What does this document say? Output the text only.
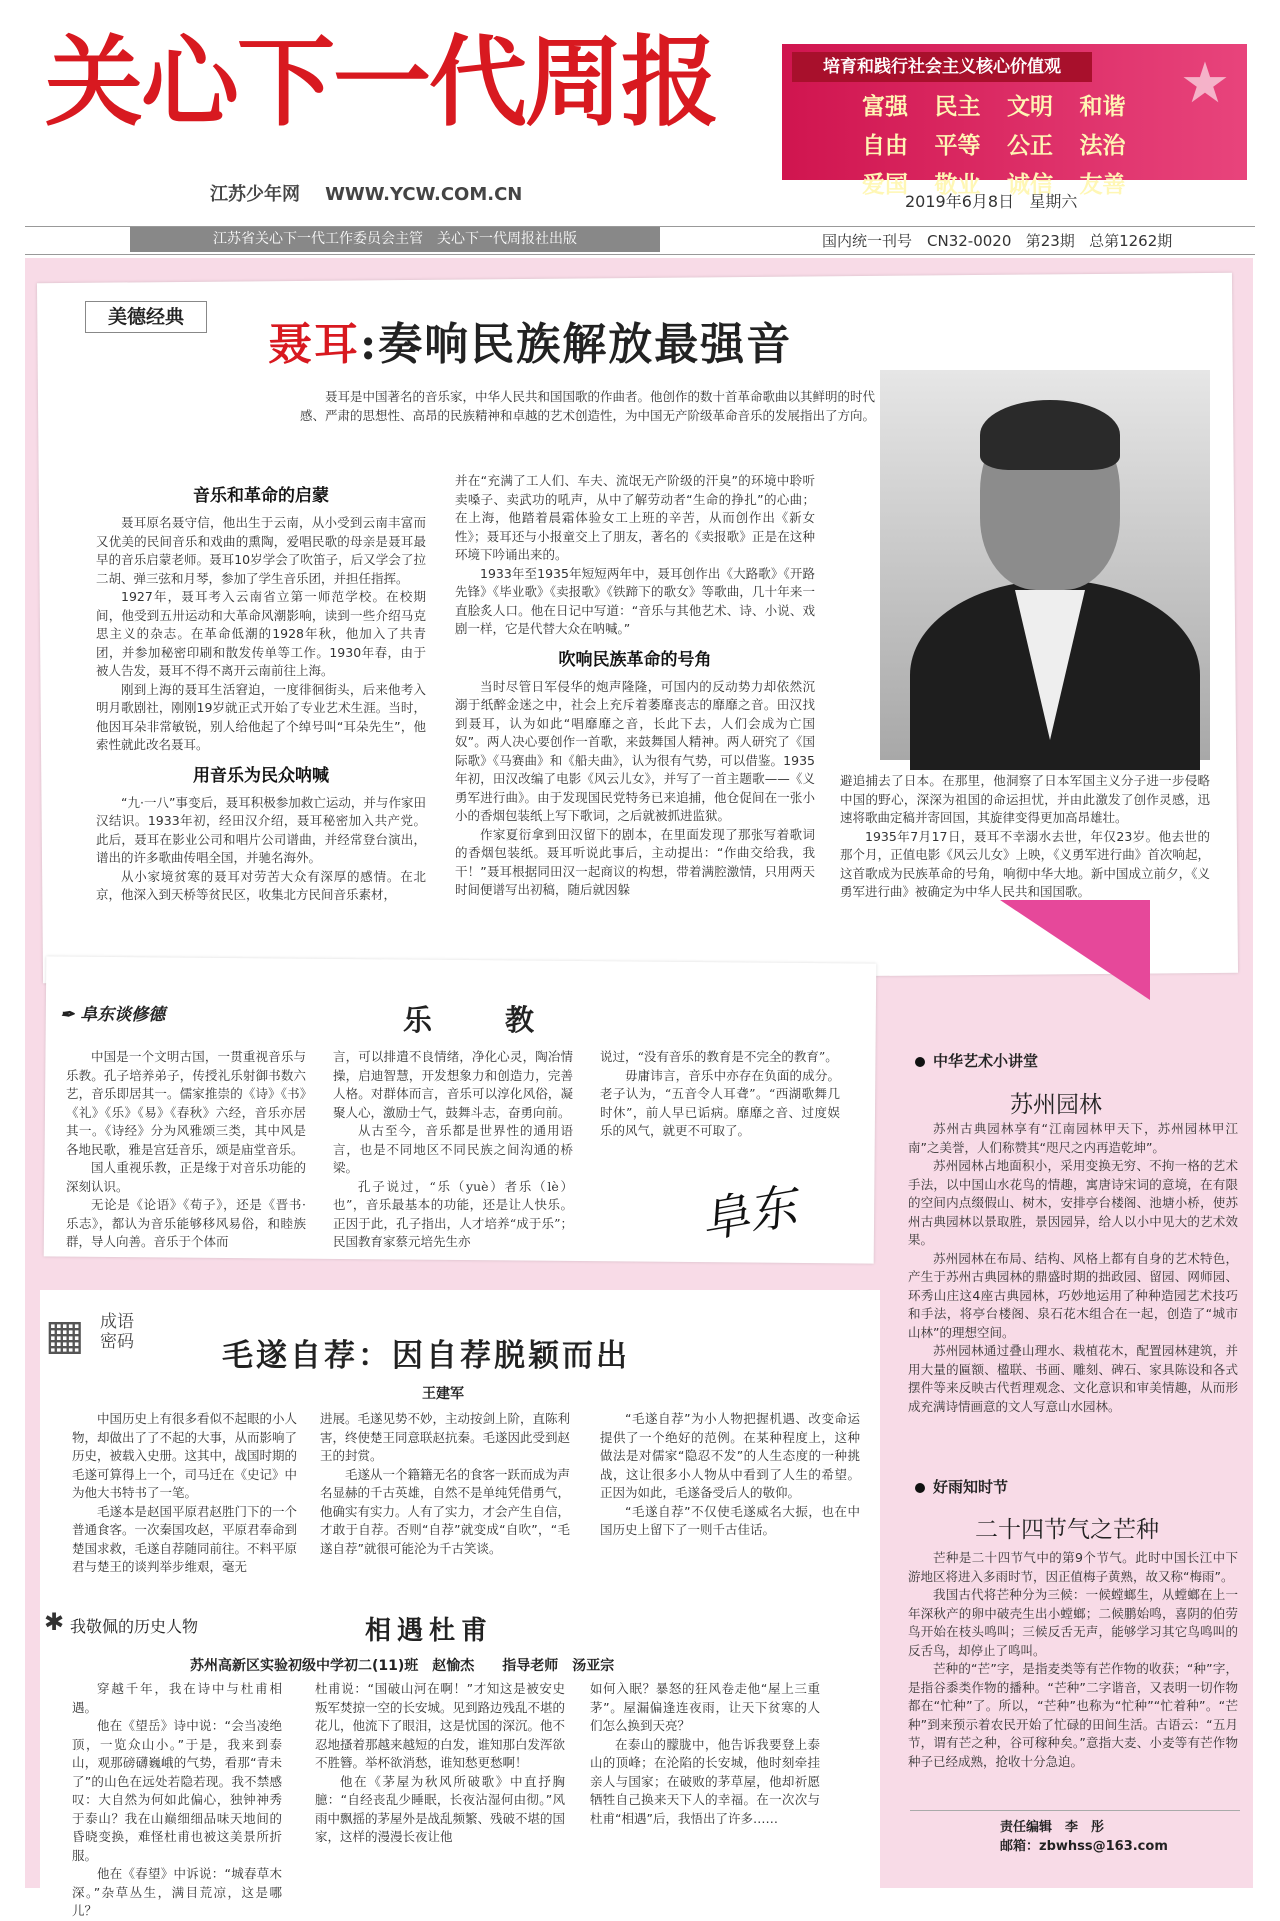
关心下一代周报
江苏少年网 WWW.YCW.COM.CN
培育和践行社会主义核心价值观	★
富强	民主	文明	和谐
自由	平等	公正	法治
爱国	敬业	诚信	友善
2019年6月8日 星期六
江苏省关心下一代工作委员会主管　关心下一代周报社出版	国内统一刊号　CN32-0020 第23期 总第1262期
美德经典
聂耳:奏响民族解放最强音

聂耳是中国著名的音乐家，中华人民共和国国歌的作曲者。他创作的数十首革命歌曲以其鲜明的时代感、严肃的思想性、高昂的民族精神和卓越的艺术创造性，为中国无产阶级革命音乐的发展指出了方向。

音乐和革命的启蒙

聂耳原名聂守信，他出生于云南，从小受到云南丰富而又优美的民间音乐和戏曲的熏陶，爱唱民歌的母亲是聂耳最早的音乐启蒙老师。聂耳10岁学会了吹笛子，后又学会了拉二胡、弹三弦和月琴，参加了学生音乐团，并担任指挥。

1927年，聂耳考入云南省立第一师范学校。在校期间，他受到五卅运动和大革命风潮影响，读到一些介绍马克思主义的杂志。在革命低潮的1928年秋，他加入了共青团，并参加秘密印刷和散发传单等工作。1930年春，由于被人告发，聂耳不得不离开云南前往上海。

刚到上海的聂耳生活窘迫，一度徘徊街头，后来他考入明月歌剧社，刚刚19岁就正式开始了专业艺术生涯。当时，他因耳朵非常敏锐，别人给他起了个绰号叫“耳朵先生”，他索性就此改名聂耳。

用音乐为民众呐喊

“九·一八”事变后，聂耳积极参加救亡运动，并与作家田汉结识。1933年初，经田汉介绍，聂耳秘密加入共产党。此后，聂耳在影业公司和唱片公司谱曲，并经常登台演出，谱出的许多歌曲传唱全国，并驰名海外。

从小家境贫寒的聂耳对劳苦大众有深厚的感情。在北京，他深入到天桥等贫民区，收集北方民间音乐素材，

并在“充满了工人们、车夫、流氓无产阶级的汗臭”的环境中聆听卖嗓子、卖武功的吼声，从中了解劳动者“生命的挣扎”的心曲；在上海，他踏着晨霜体验女工上班的辛苦，从而创作出《新女性》；聂耳还与小报童交上了朋友，著名的《卖报歌》正是在这种环境下吟诵出来的。

1933年至1935年短短两年中，聂耳创作出《大路歌》《开路先锋》《毕业歌》《卖报歌》《铁蹄下的歌女》等歌曲，几十年来一直脍炙人口。他在日记中写道：“音乐与其他艺术、诗、小说、戏剧一样，它是代替大众在呐喊。”

吹响民族革命的号角

当时尽管日军侵华的炮声隆隆，可国内的反动势力却依然沉溺于纸醉金迷之中，社会上充斥着萎靡丧志的靡靡之音。田汉找到聂耳，认为如此“唱靡靡之音，长此下去，人们会成为亡国奴”。两人决心要创作一首歌，来鼓舞国人精神。两人研究了《国际歌》《马赛曲》和《船夫曲》，认为很有气势，可以借鉴。1935年初，田汉改编了电影《风云儿女》，并写了一首主题歌——《义勇军进行曲》。由于发现国民党特务已来追捕，他仓促间在一张小小的香烟包装纸上写下歌词，之后就被抓进监狱。

作家夏衍拿到田汉留下的剧本，在里面发现了那张写着歌词的香烟包装纸。聂耳听说此事后，主动提出：“作曲交给我，我干！”聂耳根据同田汉一起商议的构想，带着满腔激情，只用两天时间便谱写出初稿，随后就因躲

避追捕去了日本。在那里，他洞察了日本军国主义分子进一步侵略中国的野心，深深为祖国的命运担忧，并由此激发了创作灵感，迅速将歌曲定稿并寄回国，其旋律变得更加高昂雄壮。

1935年7月17日，聂耳不幸溺水去世，年仅23岁。他去世的那个月，正值电影《风云儿女》上映，《义勇军进行曲》首次响起，这首歌成为民族革命的号角，响彻中华大地。新中国成立前夕，《义勇军进行曲》被确定为中华人民共和国国歌。

✒ 阜东谈修德	乐　教

中国是一个文明古国，一贯重视音乐与乐教。孔子培养弟子，传授礼乐射御书数六艺，音乐即居其一。儒家推崇的《诗》《书》《礼》《乐》《易》《春秋》六经，音乐亦居其一。《诗经》分为风雅颂三类，其中风是各地民歌，雅是宫廷音乐，颂是庙堂音乐。

国人重视乐教，正是缘于对音乐功能的深刻认识。

无论是《论语》《荀子》，还是《晋书·乐志》，都认为音乐能够移风易俗，和睦族群，导人向善。音乐于个体而

言，可以排遣不良情绪，净化心灵，陶冶情操，启迪智慧，开发想象力和创造力，完善人格。对群体而言，音乐可以淳化风俗，凝聚人心，激励士气，鼓舞斗志，奋勇向前。

从古至今，音乐都是世界性的通用语言，也是不同地区不同民族之间沟通的桥梁。

孔子说过，“乐（yuè）者乐（lè）也”，音乐最基本的功能，还是让人快乐。正因于此，孔子指出，人才培养“成于乐”；民国教育家蔡元培先生亦

说过，“没有音乐的教育是不完全的教育”。

毋庸讳言，音乐中亦存在负面的成分。老子认为，“五音令人耳聋”。“西湖歌舞几时休”，前人早已诟病。靡靡之音、过度娱乐的风气，就更不可取了。

阜东
▦ 成语密码	毛遂自荐：因自荐脱颖而出
王建军

中国历史上有很多看似不起眼的小人物，却做出了了不起的大事，从而影响了历史，被载入史册。这其中，战国时期的毛遂可算得上一个，司马迁在《史记》中为他大书特书了一笔。

毛遂本是赵国平原君赵胜门下的一个普通食客。一次秦国攻赵，平原君奉命到楚国求救，毛遂自荐随同前往。不料平原君与楚王的谈判举步维艰，毫无

进展。毛遂见势不妙，主动按剑上阶，直陈利害，终使楚王同意联赵抗秦。毛遂因此受到赵王的封赏。

毛遂从一个籍籍无名的食客一跃而成为声名显赫的千古英雄，自然不是单纯凭借勇气，他确实有实力。人有了实力，才会产生自信，才敢于自荐。否则“自荐”就变成“自吹”，“毛遂自荐”就很可能沦为千古笑谈。

“毛遂自荐”为小人物把握机遇、改变命运提供了一个绝好的范例。在某种程度上，这种做法是对儒家“隐忍不发”的人生态度的一种挑战，这让很多小人物从中看到了人生的希望。正因为如此，毛遂备受后人的敬仰。

“毛遂自荐”不仅使毛遂威名大振，也在中国历史上留下了一则千古佳话。

✱ 我敬佩的历史人物	相遇杜甫
苏州高新区实验初级中学初二(11)班　赵愉杰　　指导老师　汤亚宗

穿越千年，我在诗中与杜甫相遇。

他在《望岳》诗中说：“会当凌绝顶，一览众山小。”于是，我来到泰山，观那磅礴巍峨的气势，看那“青未了”的山色在远处若隐若现。我不禁感叹：大自然为何如此偏心，独钟神秀于泰山？我在山巅细细品味天地间的昏晓变换，难怪杜甫也被这美景所折服。

他在《春望》中诉说：“城春草木深。”杂草丛生，满目荒凉，这是哪儿？

杜甫说：“国破山河在啊！”才知这是被安史叛军焚掠一空的长安城。见到路边残乱不堪的花儿，他流下了眼泪，这是忧国的深沉。他不忍地搔着那越来越短的白发，谁知那白发浑欲不胜簪。举杯欲消愁，谁知愁更愁啊！

他在《茅屋为秋风所破歌》中直抒胸臆：“自经丧乱少睡眠，长夜沾湿何由彻。”风雨中飘摇的茅屋外是战乱频繁、残破不堪的国家，这样的漫漫长夜让他

如何入眠？暴怒的狂风卷走他“屋上三重茅”。屋漏偏逢连夜雨，让天下贫寒的人们怎么换到天亮？

在泰山的朦胧中，他告诉我要登上泰山的顶峰；在沦陷的长安城，他时刻牵挂亲人与国家；在破败的茅草屋，他却祈愿牺牲自己换来天下人的幸福。在一次次与杜甫“相遇”后，我悟出了许多……

中华艺术小讲堂
苏州园林

苏州古典园林享有“江南园林甲天下，苏州园林甲江南”之美誉，人们称赞其“咫尺之内再造乾坤”。

苏州园林占地面积小，采用变换无穷、不拘一格的艺术手法，以中国山水花鸟的情趣，寓唐诗宋词的意境，在有限的空间内点缀假山、树木，安排亭台楼阁、池塘小桥，使苏州古典园林以景取胜，景因园异，给人以小中见大的艺术效果。

苏州园林在布局、结构、风格上都有自身的艺术特色，产生于苏州古典园林的鼎盛时期的拙政园、留园、网师园、环秀山庄这4座古典园林，巧妙地运用了种种造园艺术技巧和手法，将亭台楼阁、泉石花木组合在一起，创造了“城市山林”的理想空间。

苏州园林通过叠山理水、栽植花木，配置园林建筑，并用大量的匾额、楹联、书画、雕刻、碑石、家具陈设和各式摆件等来反映古代哲理观念、文化意识和审美情趣，从而形成充满诗情画意的文人写意山水园林。

好雨知时节
二十四节气之芒种

芒种是二十四节气中的第9个节气。此时中国长江中下游地区将进入多雨时节，因正值梅子黄熟，故又称“梅雨”。

我国古代将芒种分为三候：一候螳螂生，从螳螂在上一年深秋产的卵中破壳生出小螳螂；二候鹏始鸣，喜阴的伯劳鸟开始在枝头鸣叫；三候反舌无声，能够学习其它鸟鸣叫的反舌鸟，却停止了鸣叫。

芒种的“芒”字，是指麦类等有芒作物的收获；“种”字，是指谷黍类作物的播种。“芒种”二字谐音，又表明一切作物都在“忙种”了。所以，“芒种”也称为“忙种”“忙着种”。“芒种”到来预示着农民开始了忙碌的田间生活。古语云：“五月节，谓有芒之种，谷可稼种矣。”意指大麦、小麦等有芒作物种子已经成熟，抢收十分急迫。

责任编辑　李　彤
邮箱：zbwhss@163.com
